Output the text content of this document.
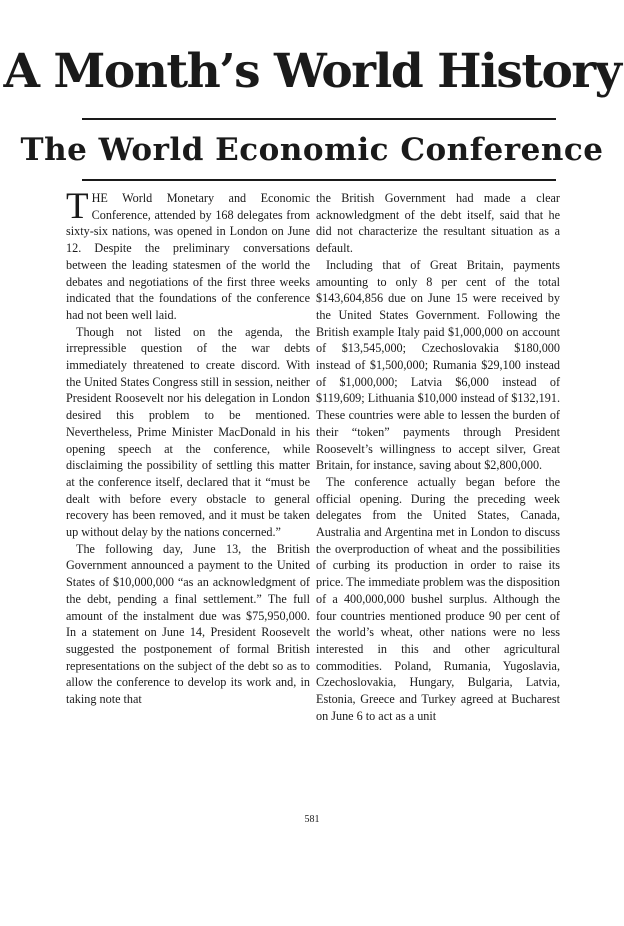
A Month’s World History
The World Economic Conference

THE World Monetary and Economic Conference, attended by 168 delegates from sixty-six nations, was opened in London on June 12. Despite the preliminary conversations between the leading statesmen of the world the debates and negotiations of the first three weeks indicated that the foundations of the conference had not been well laid.

Though not listed on the agenda, the irrepressible question of the war debts immediately threatened to create discord. With the United States Congress still in session, neither President Roosevelt nor his delegation in London desired this problem to be mentioned. Nevertheless, Prime Minister MacDonald in his opening speech at the conference, while disclaiming the possibility of settling this matter at the conference itself, declared that it “must be dealt with before every obstacle to general recovery has been removed, and it must be taken up without delay by the nations concerned.”

The following day, June 13, the British Government announced a payment to the United States of $10,000,000 “as an acknowledgment of the debt, pending a final settlement.” The full amount of the instalment due was $75,950,000. In a statement on June 14, President Roosevelt suggested the postponement of formal British representations on the subject of the debt so as to allow the conference to develop its work and, in taking note that

the British Government had made a clear acknowledgment of the debt itself, said that he did not characterize the resultant situation as a default.

Including that of Great Britain, payments amounting to only 8 per cent of the total $143,604,856 due on June 15 were received by the United States Government. Following the British example Italy paid $1,000,000 on account of $13,545,000; Czechoslovakia $180,000 instead of $1,500,000; Rumania $29,100 instead of $1,000,000; Latvia $6,000 instead of $119,609; Lithuania $10,000 instead of $132,191. These countries were able to lessen the burden of their “token” payments through President Roosevelt’s willingness to accept silver, Great Britain, for instance, saving about $2,800,000.

The conference actually began before the official opening. During the preceding week delegates from the United States, Canada, Australia and Argentina met in London to discuss the overproduction of wheat and the possibilities of curbing its production in order to raise its price. The immediate problem was the disposition of a 400,000,000 bushel surplus. Although the four countries mentioned produce 90 per cent of the world’s wheat, other nations were no less interested in this and other agricultural commodities. Poland, Rumania, Yugoslavia, Czechoslovakia, Hungary, Bulgaria, Latvia, Estonia, Greece and Turkey agreed at Bucharest on June 6 to act as a unit

581
